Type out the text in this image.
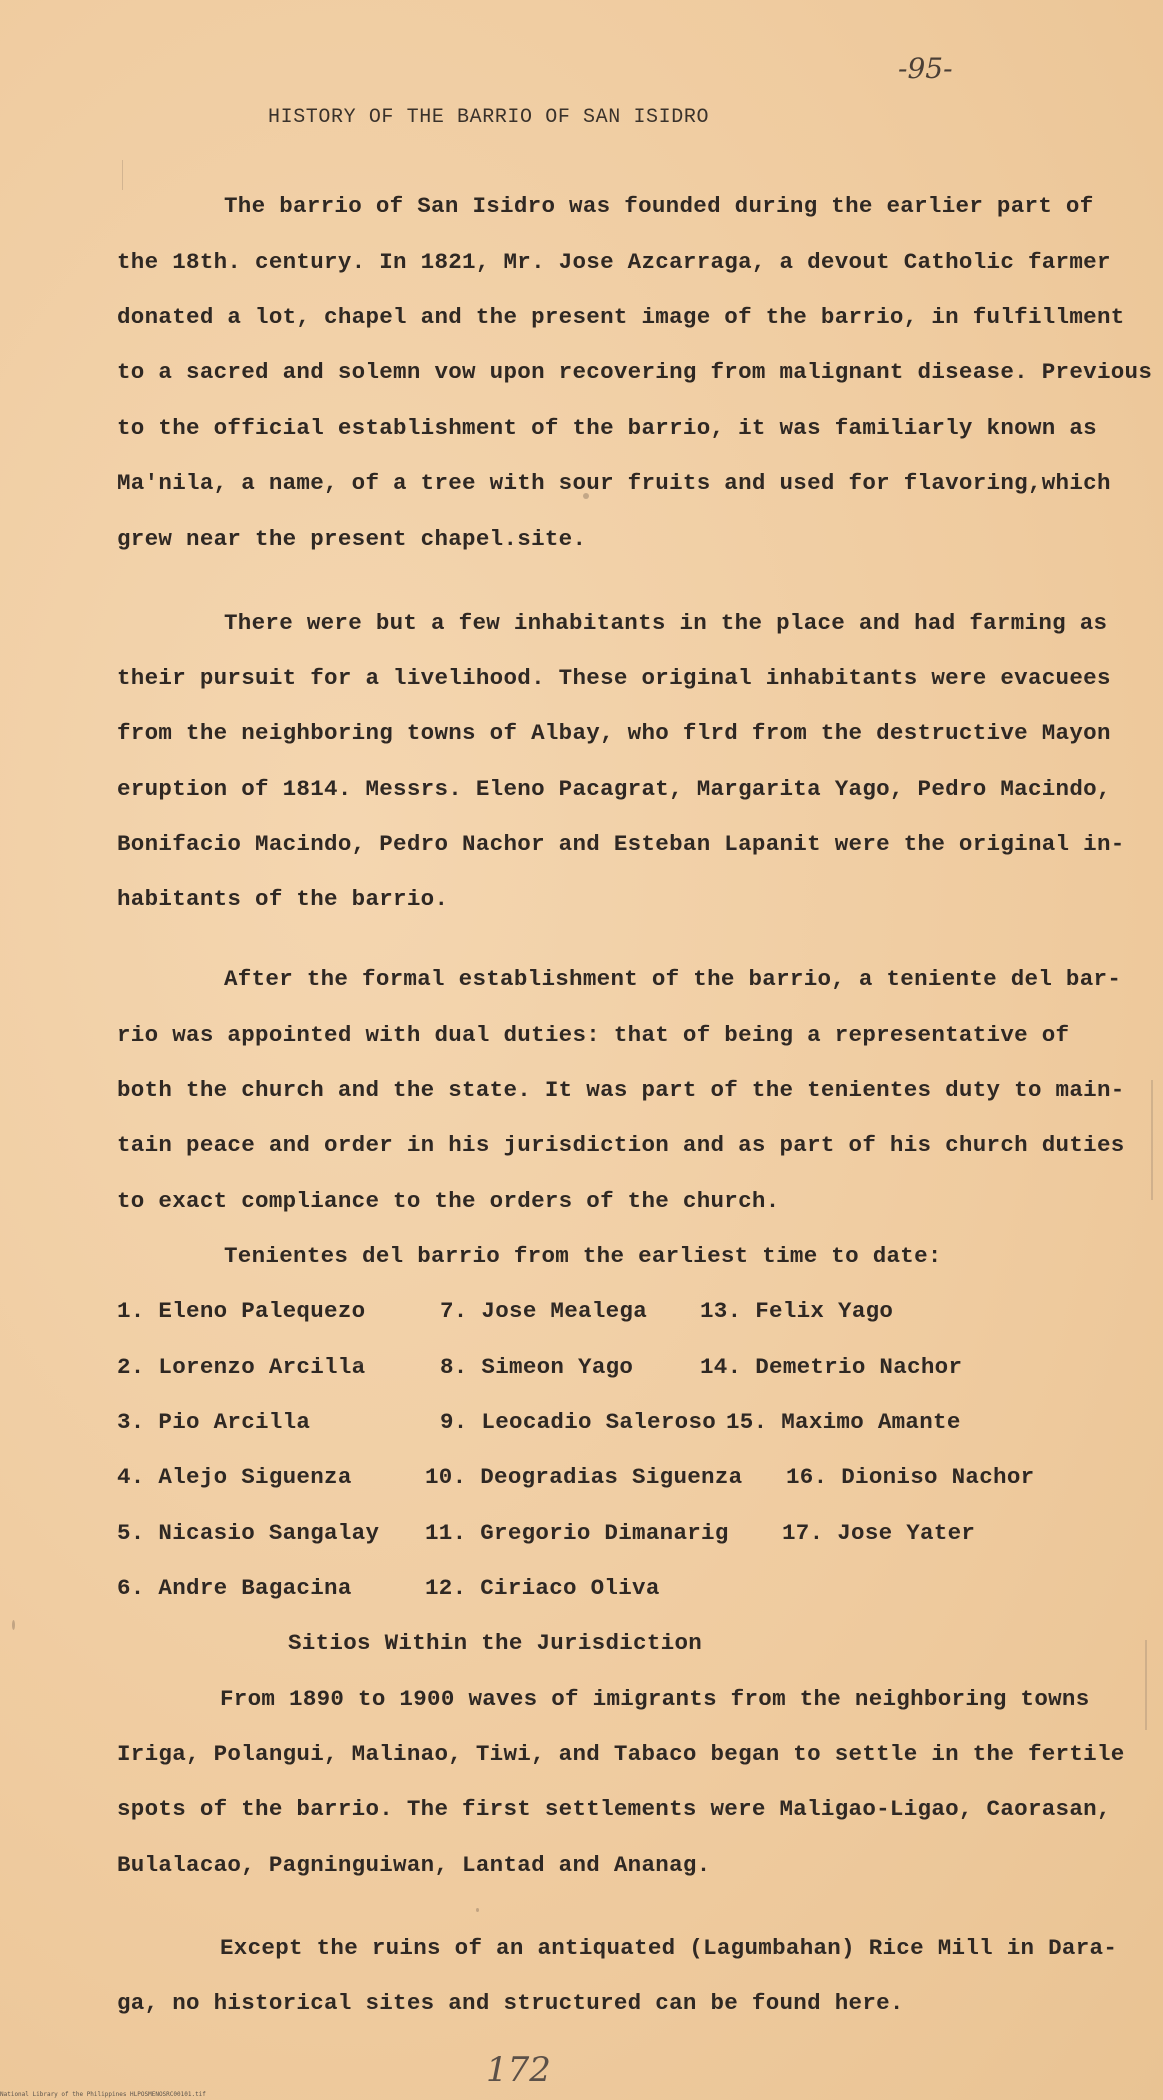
-95-
HISTORY OF THE BARRIO OF SAN ISIDRO
The barrio of San Isidro was founded during the earlier part of
the 18th. century. In 1821, Mr. Jose Azcarraga, a devout Catholic farmer
donated a lot, chapel and the present image of the barrio, in fulfillment
to a sacred and solemn vow upon recovering from malignant disease. Previous
to the official establishment of the barrio, it was familiarly known as
Ma'nila, a name, of a tree with sour fruits and used for flavoring,which
grew near the present chapel.site.
There were but a few inhabitants in the place and had farming as
their pursuit for a livelihood. These original inhabitants were evacuees
from the neighboring towns of Albay, who flrd from the destructive Mayon
eruption of 1814. Messrs. Eleno Pacagrat, Margarita Yago, Pedro Macindo,
Bonifacio Macindo, Pedro Nachor and Esteban Lapanit were the original in-
habitants of the barrio.
After the formal establishment of the barrio, a teniente del bar-
rio was appointed with dual duties: that of being a representative of
both the church and the state. It was part of the tenientes duty to main-
tain peace and order in his jurisdiction and as part of his church duties
to exact compliance to the orders of the church.
Tenientes del barrio from the earliest time to date:
1. Eleno Palequezo
2. Lorenzo Arcilla
3. Pio Arcilla
4. Alejo Siguenza
5. Nicasio Sangalay
6. Andre Bagacina
7. Jose Mealega
8. Simeon Yago
9. Leocadio Saleroso
10. Deogradias Siguenza
11. Gregorio Dimanarig
12. Ciriaco Oliva
13. Felix Yago
14. Demetrio Nachor
15. Maximo Amante
16. Dioniso Nachor
17. Jose Yater
Sitios Within the Jurisdiction
From 1890 to 1900 waves of imigrants from the neighboring towns
Iriga, Polangui, Malinao, Tiwi, and Tabaco began to settle in the fertile
spots of the barrio. The first settlements were Maligao-Ligao, Caorasan,
Bulalacao, Pagninguiwan, Lantad and Ananag.
Except the ruins of an antiquated (Lagumbahan) Rice Mill in Dara-
ga, no historical sites and structured can be found here.
172
National Library of the Philippines HLPOSMENOSRC00101.tif
